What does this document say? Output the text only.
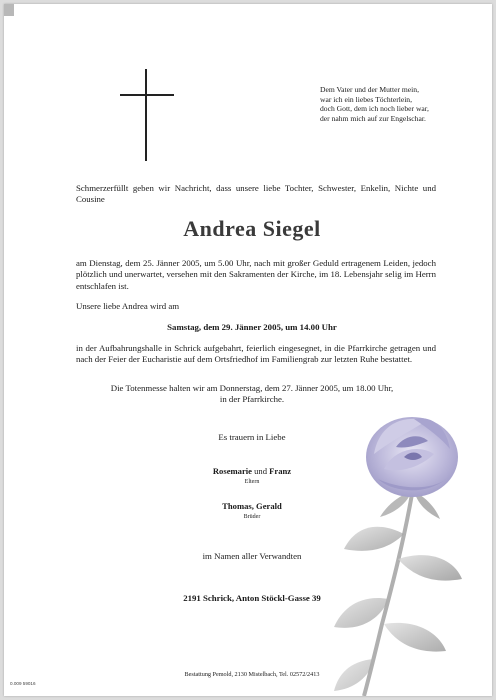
Dem Vater und der Mutter mein,
war ich ein liebes Töchterlein,
doch Gott, dem ich noch lieber war,
der nahm mich auf zur Engelschar.
Schmerzerfüllt geben wir Nachricht, dass unsere liebe Tochter, Schwester, Enkelin, Nichte und Cousine
Andrea Siegel
am Dienstag, dem 25. Jänner 2005, um 5.00 Uhr, nach mit großer Geduld ertragenem Leiden, jedoch plötzlich und unerwartet, versehen mit den Sakramenten der Kirche, im 18. Lebensjahr selig im Herrn entschlafen ist.
Unsere liebe Andrea wird am
Samstag, dem 29. Jänner 2005, um 14.00 Uhr
in der Aufbahrungshalle in Schrick aufgebahrt, feierlich eingesegnet, in die Pfarrkirche getragen und nach der Feier der Eucharistie auf dem Ortsfriedhof im Familiengrab zur letzten Ruhe bestattet.
Die Totenmesse halten wir am Donnerstag, dem 27. Jänner 2005, um 18.00 Uhr,
in der Pfarrkirche.
Es trauern in Liebe
Rosemarie und Franz
Eltern
Thomas, Gerald
Brüder
im Namen aller Verwandten
2191 Schrick, Anton Stöckl-Gasse 39
Bestattung Pemold, 2130 Mistelbach, Tel. 02572/2413
0.009 59016
